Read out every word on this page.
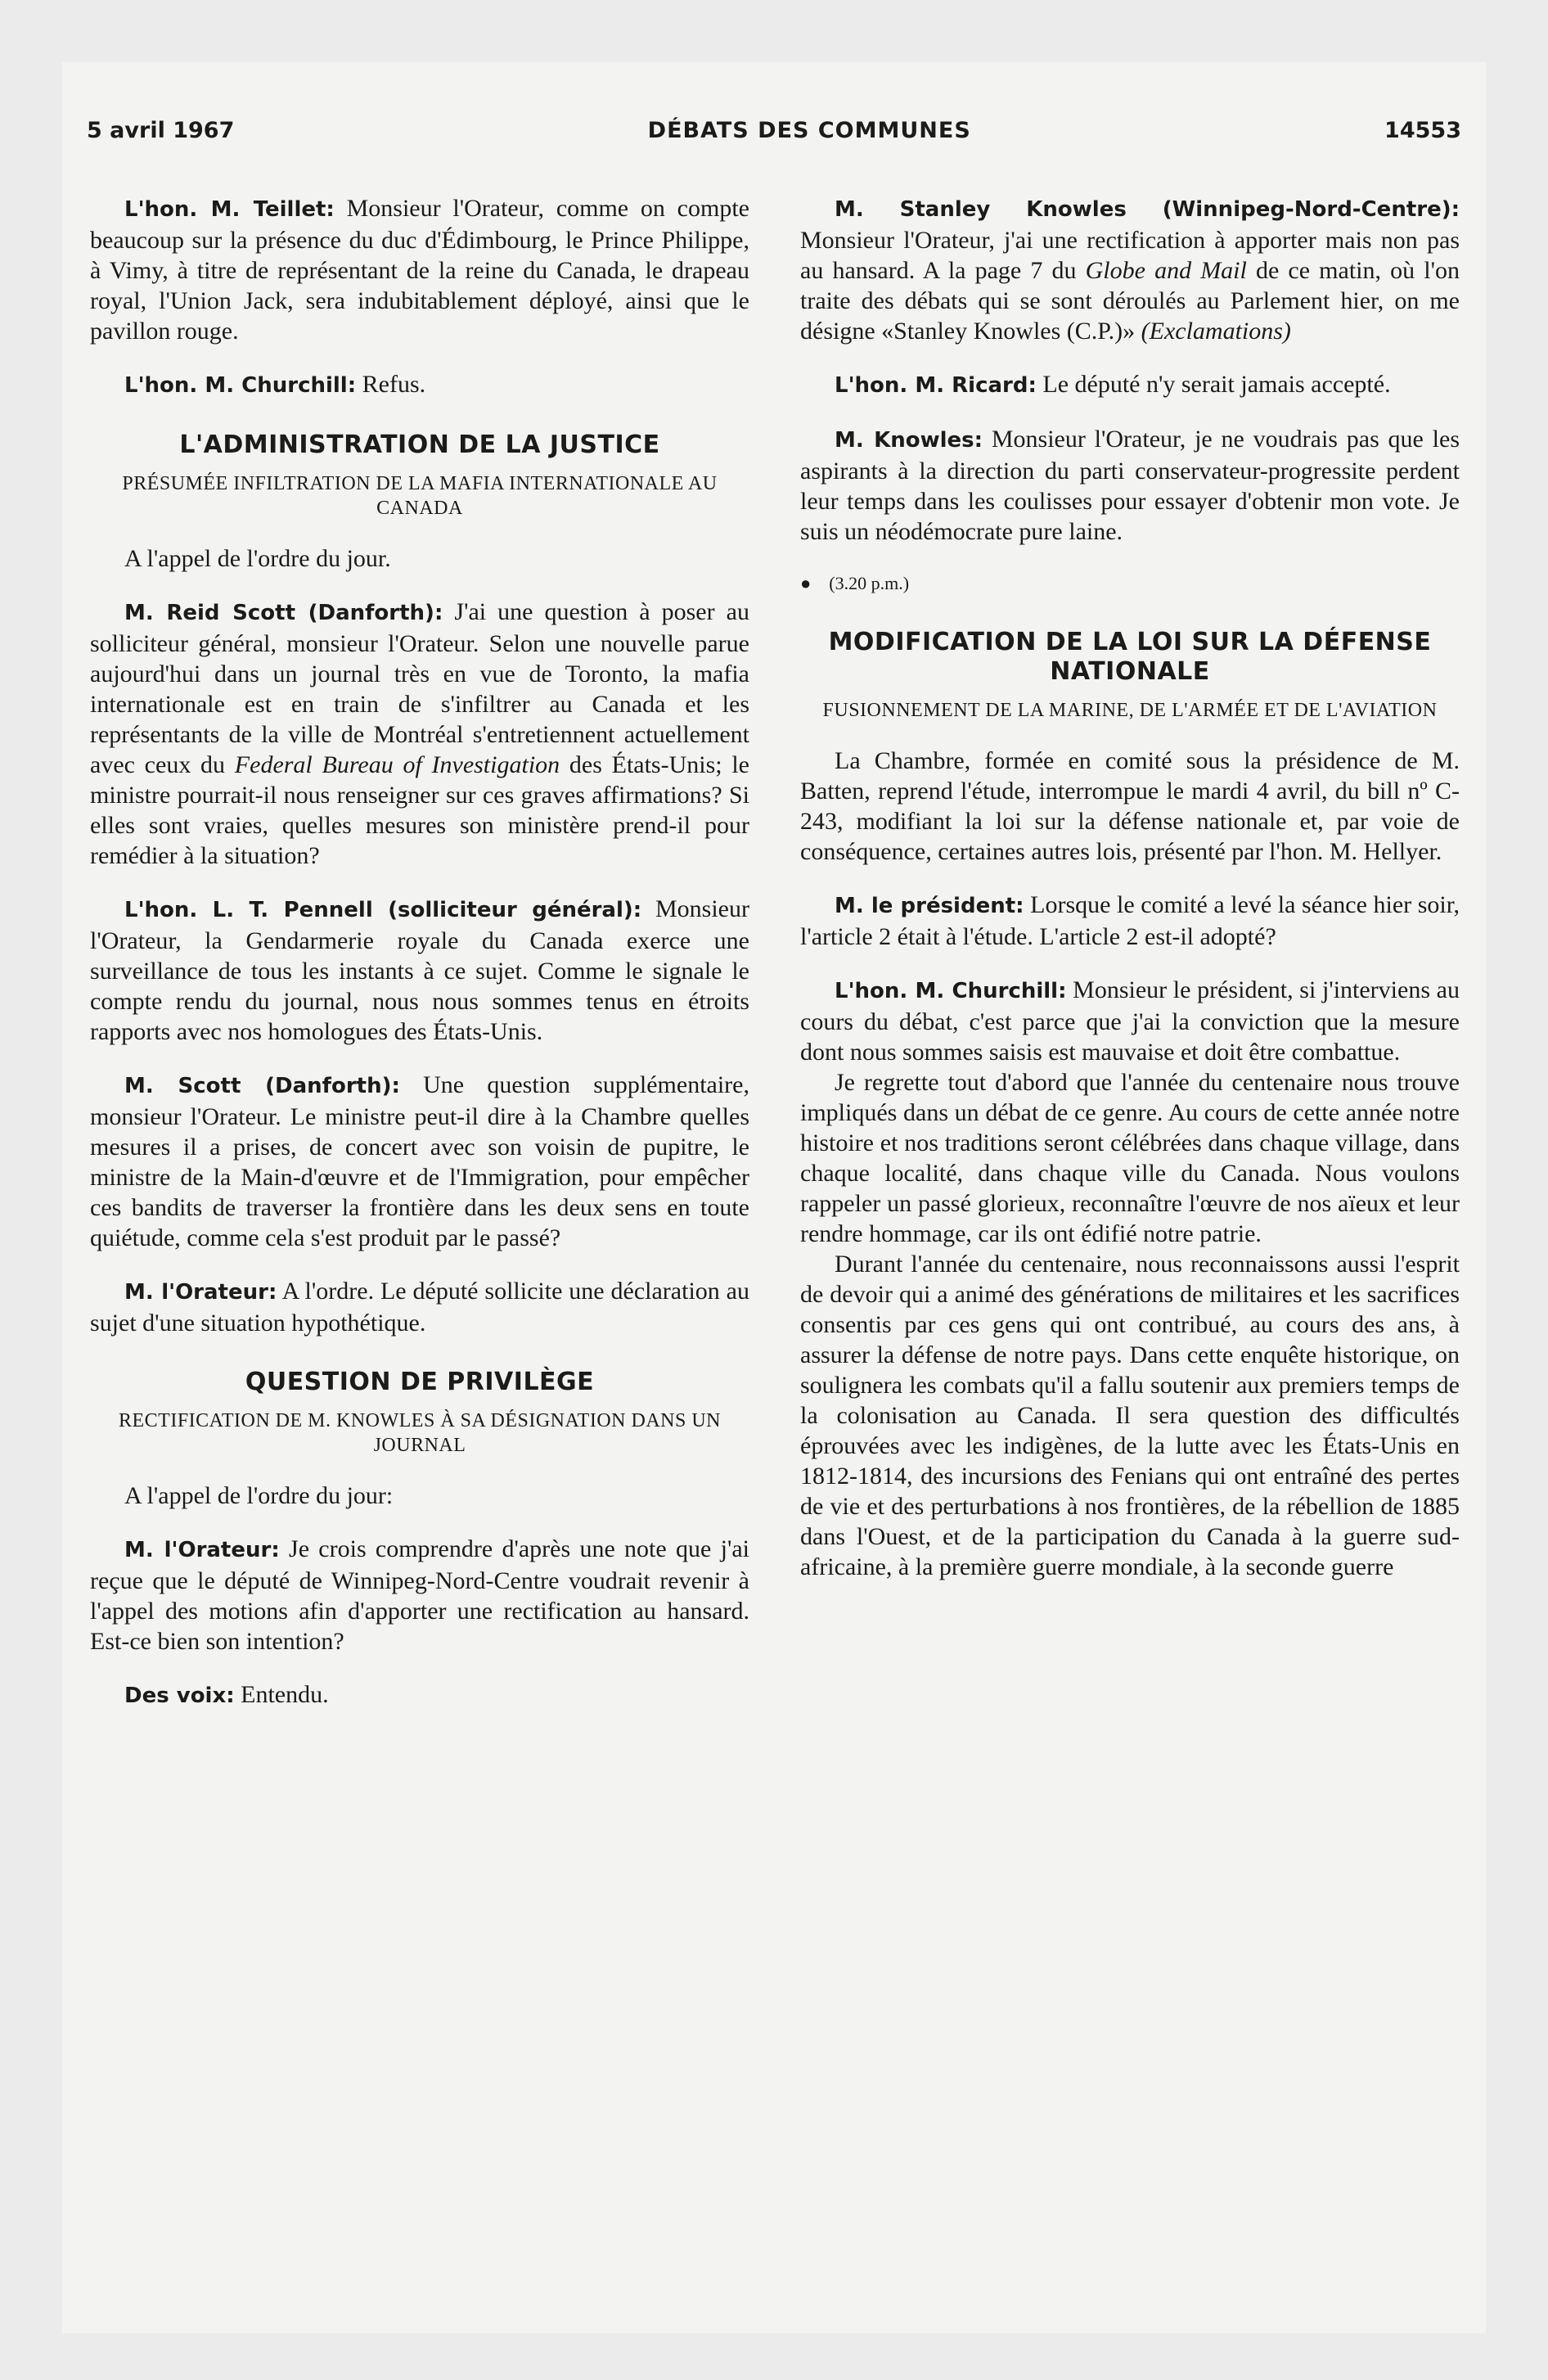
5 avril 1967	DÉBATS DES COMMUNES	14553

L'hon. M. Teillet: Monsieur l'Orateur, comme on compte beaucoup sur la présence du duc d'Édimbourg, le Prince Philippe, à Vimy, à titre de représentant de la reine du Canada, le drapeau royal, l'Union Jack, sera indubitablement déployé, ainsi que le pavillon rouge.

L'hon. M. Churchill: Refus.

L'ADMINISTRATION DE LA JUSTICE
PRÉSUMÉE INFILTRATION DE LA MAFIA INTERNATIONALE AU CANADA

A l'appel de l'ordre du jour.

M. Reid Scott (Danforth): J'ai une question à poser au solliciteur général, monsieur l'Orateur. Selon une nouvelle parue aujourd'hui dans un journal très en vue de Toronto, la mafia internationale est en train de s'infiltrer au Canada et les représentants de la ville de Montréal s'entretiennent actuellement avec ceux du Federal Bureau of Investigation des États-Unis; le ministre pourrait-il nous renseigner sur ces graves affirmations? Si elles sont vraies, quelles mesures son ministère prend-il pour remédier à la situation?

L'hon. L. T. Pennell (solliciteur général): Monsieur l'Orateur, la Gendarmerie royale du Canada exerce une surveillance de tous les instants à ce sujet. Comme le signale le compte rendu du journal, nous nous sommes tenus en étroits rapports avec nos homologues des États-Unis.

M. Scott (Danforth): Une question supplémentaire, monsieur l'Orateur. Le ministre peut-il dire à la Chambre quelles mesures il a prises, de concert avec son voisin de pupitre, le ministre de la Main-d'œuvre et de l'Immigration, pour empêcher ces bandits de traverser la frontière dans les deux sens en toute quiétude, comme cela s'est produit par le passé?

M. l'Orateur: A l'ordre. Le député sollicite une déclaration au sujet d'une situation hypothétique.

QUESTION DE PRIVILÈGE
RECTIFICATION DE M. KNOWLES À SA DÉSIGNATION DANS UN JOURNAL

A l'appel de l'ordre du jour:

M. l'Orateur: Je crois comprendre d'après une note que j'ai reçue que le député de Winnipeg-Nord-Centre voudrait revenir à l'appel des motions afin d'apporter une rectification au hansard. Est-ce bien son intention?

Des voix: Entendu.

M. Stanley Knowles (Winnipeg-Nord-Centre): Monsieur l'Orateur, j'ai une rectification à apporter mais non pas au hansard. A la page 7 du Globe and Mail de ce matin, où l'on traite des débats qui se sont déroulés au Parlement hier, on me désigne «Stanley Knowles (C.P.)» (Exclamations)

L'hon. M. Ricard: Le député n'y serait jamais accepté.

M. Knowles: Monsieur l'Orateur, je ne voudrais pas que les aspirants à la direction du parti conservateur-progressite perdent leur temps dans les coulisses pour essayer d'obtenir mon vote. Je suis un néodémocrate pure laine.

● (3.20 p.m.)
MODIFICATION DE LA LOI SUR LA DÉFENSE NATIONALE
FUSIONNEMENT DE LA MARINE, DE L'ARMÉE ET DE L'AVIATION

La Chambre, formée en comité sous la présidence de M. Batten, reprend l'étude, interrompue le mardi 4 avril, du bill nº C-243, modifiant la loi sur la défense nationale et, par voie de conséquence, certaines autres lois, présenté par l'hon. M. Hellyer.

M. le président: Lorsque le comité a levé la séance hier soir, l'article 2 était à l'étude. L'article 2 est-il adopté?

L'hon. M. Churchill: Monsieur le président, si j'interviens au cours du débat, c'est parce que j'ai la conviction que la mesure dont nous sommes saisis est mauvaise et doit être combattue.

Je regrette tout d'abord que l'année du centenaire nous trouve impliqués dans un débat de ce genre. Au cours de cette année notre histoire et nos traditions seront célébrées dans chaque village, dans chaque localité, dans chaque ville du Canada. Nous voulons rappeler un passé glorieux, reconnaître l'œuvre de nos aïeux et leur rendre hommage, car ils ont édifié notre patrie.

Durant l'année du centenaire, nous reconnaissons aussi l'esprit de devoir qui a animé des générations de militaires et les sacrifices consentis par ces gens qui ont contribué, au cours des ans, à assurer la défense de notre pays. Dans cette enquête historique, on soulignera les combats qu'il a fallu soutenir aux premiers temps de la colonisation au Canada. Il sera question des difficultés éprouvées avec les indigènes, de la lutte avec les États-Unis en 1812-1814, des incursions des Fenians qui ont entraîné des pertes de vie et des perturbations à nos frontières, de la rébellion de 1885 dans l'Ouest, et de la participation du Canada à la guerre sud-africaine, à la première guerre mondiale, à la seconde guerre
